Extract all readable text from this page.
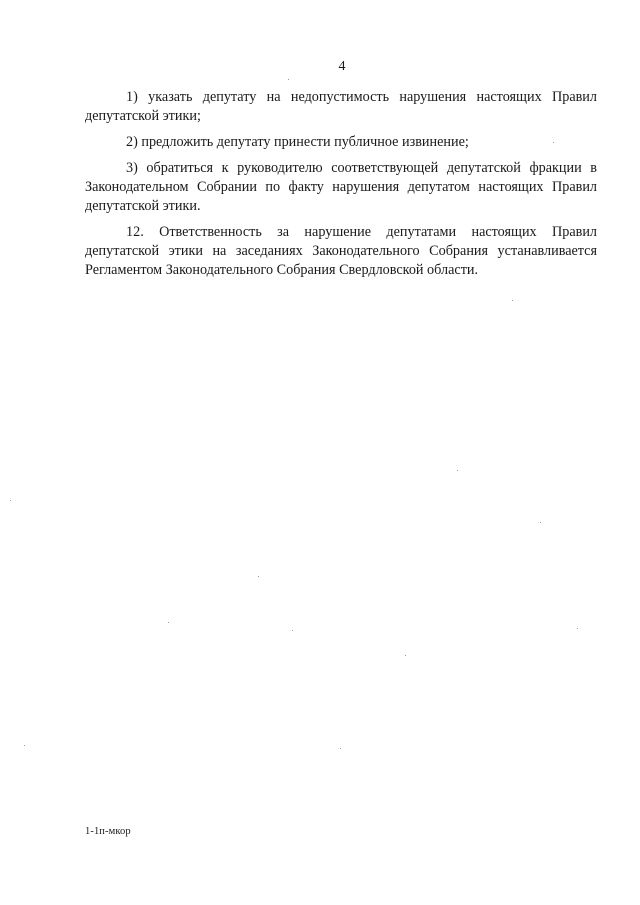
4

1) указать депутату на недопустимость нарушения настоящих Правил депутатской этики;

2) предложить депутату принести публичное извинение;

3) обратиться к руководителю соответствующей депутатской фракции в Законодательном Собрании по факту нарушения депутатом настоящих Правил депутатской этики.

12. Ответственность за нарушение депутатами настоящих Правил депутатской этики на заседаниях Законодательного Собрания устанавливается Регламентом Законодательного Собрания Свердловской области.

1-1п-мкор
